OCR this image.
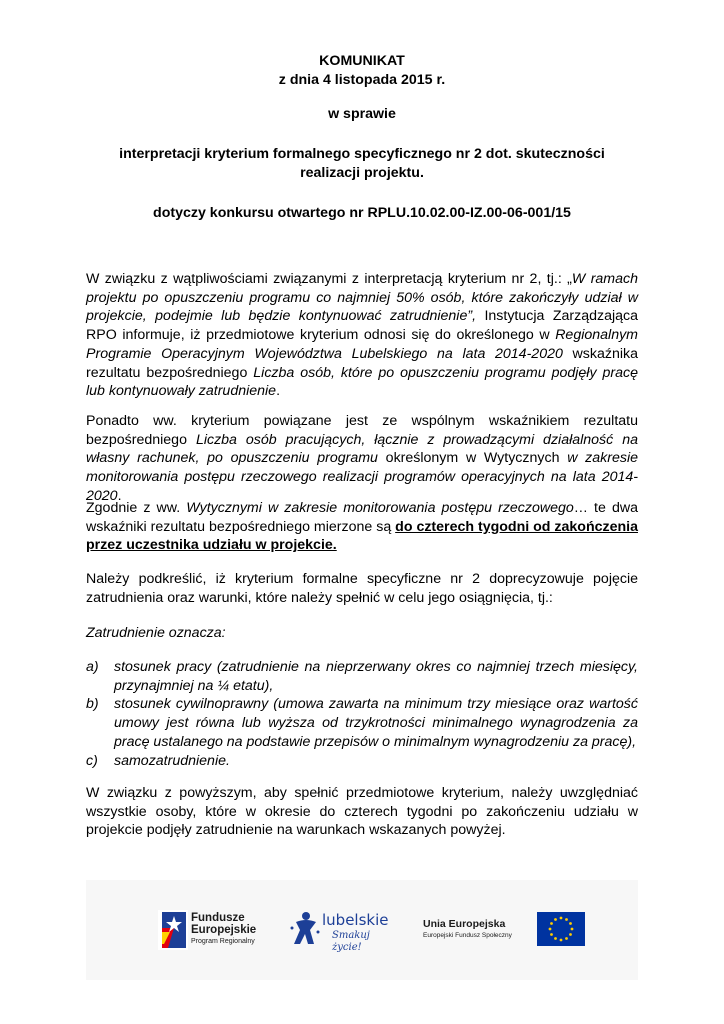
KOMUNIKAT
z dnia 4 listopada 2015 r.
w sprawie
interpretacji kryterium formalnego specyficznego nr 2 dot. skuteczności
realizacji projektu.
dotyczy konkursu otwartego nr RPLU.10.02.00-IZ.00-06-001/15
W związku z wątpliwościami związanymi z interpretacją kryterium nr 2, tj.: „W ramach projektu po opuszczeniu programu co najmniej 50% osób, które zakończyły udział w projekcie, podejmie lub będzie kontynuować zatrudnienie”, Instytucja Zarządzająca RPO informuje, iż przedmiotowe kryterium odnosi się do określonego w Regionalnym Programie Operacyjnym Województwa Lubelskiego na lata 2014-2020 wskaźnika rezultatu bezpośredniego Liczba osób, które po opuszczeniu programu podjęły pracę lub kontynuowały zatrudnienie.
Ponadto ww. kryterium powiązane jest ze wspólnym wskaźnikiem rezultatu bezpośredniego Liczba osób pracujących, łącznie z prowadzącymi działalność na własny rachunek, po opuszczeniu programu określonym w Wytycznych w zakresie monitorowania postępu rzeczowego realizacji programów operacyjnych na lata 2014-2020.
Zgodnie z ww. Wytycznymi w zakresie monitorowania postępu rzeczowego… te dwa wskaźniki rezultatu bezpośredniego mierzone są do czterech tygodni od zakończenia przez uczestnika udziału w projekcie.
Należy podkreślić, iż kryterium formalne specyficzne nr 2 doprecyzowuje pojęcie zatrudnienia oraz warunki, które należy spełnić w celu jego osiągnięcia, tj.:
Zatrudnienie oznacza:
a) stosunek pracy (zatrudnienie na nieprzerwany okres co najmniej trzech miesięcy, przynajmniej na ¼ etatu),
b) stosunek cywilnoprawny (umowa zawarta na minimum trzy miesiące oraz wartość umowy jest równa lub wyższa od trzykrotności minimalnego wynagrodzenia za pracę ustalanego na podstawie przepisów o minimalnym wynagrodzeniu za pracę),
c) samozatrudnienie.
W związku z powyższym, aby spełnić przedmiotowe kryterium, należy uwzględniać wszystkie osoby, które w okresie do czterech tygodni po zakończeniu udziału w projekcie podjęły zatrudnienie na warunkach wskazanych powyżej.
Fundusze
Europejskie
Program Regionalny
lubelskie
Smakuj życie!
Unia Europejska
Europejski Fundusz Społeczny
